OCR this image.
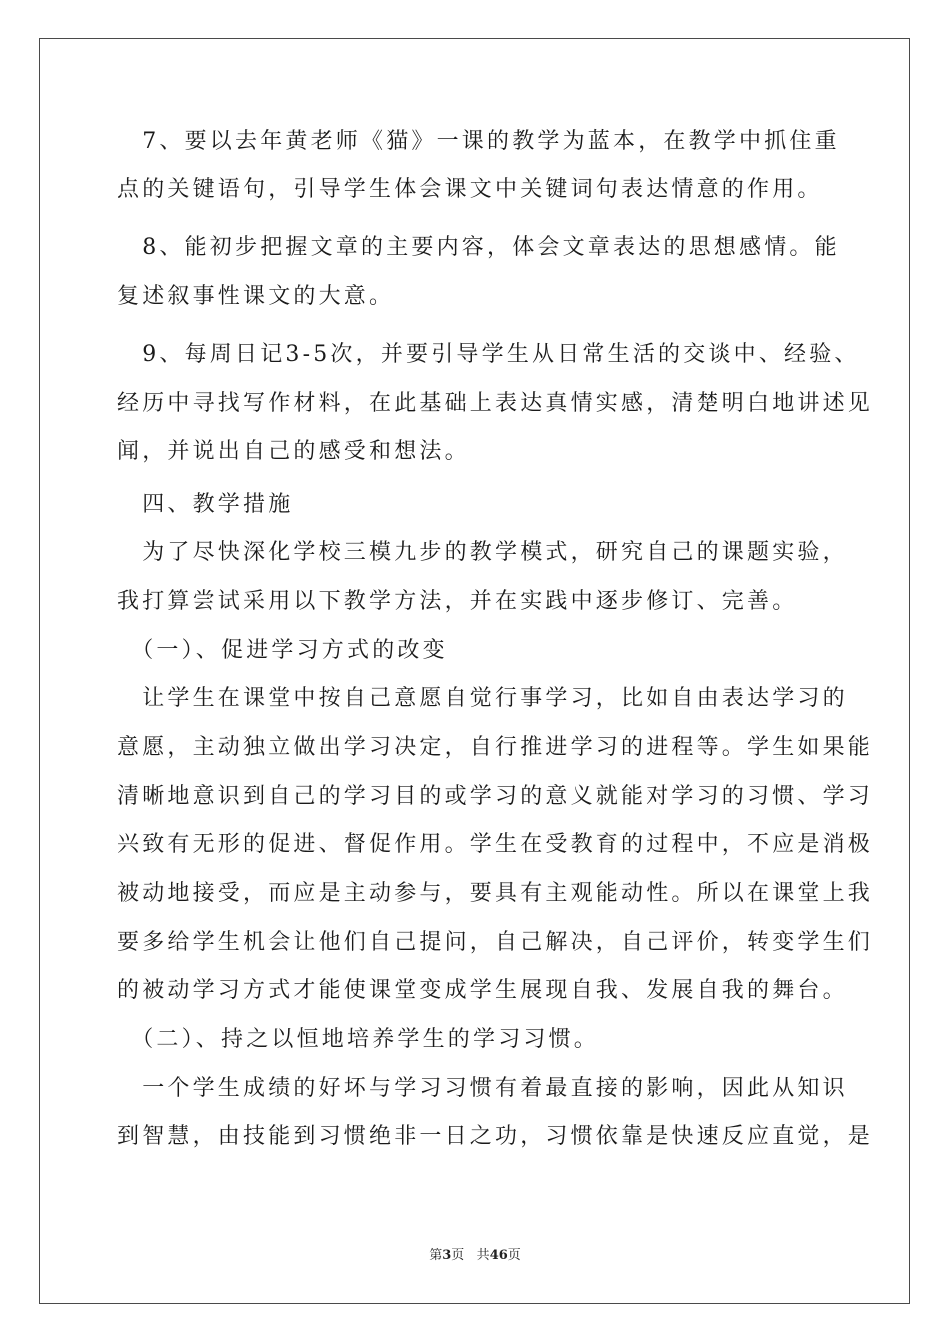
　7、要以去年黄老师《猫》一课的教学为蓝本，在教学中抓住重
点的关键语句，引导学生体会课文中关键词句表达情意的作用。
　8、能初步把握文章的主要内容，体会文章表达的思想感情。能
复述叙事性课文的大意。
　9、每周日记3-5次，并要引导学生从日常生活的交谈中、经验、
经历中寻找写作材料，在此基础上表达真情实感，清楚明白地讲述见
闻，并说出自己的感受和想法。
　四、教学措施
　为了尽快深化学校三模九步的教学模式，研究自己的课题实验，
我打算尝试采用以下教学方法，并在实践中逐步修订、完善。
　（一）、促进学习方式的改变
　让学生在课堂中按自己意愿自觉行事学习，比如自由表达学习的
意愿，主动独立做出学习决定，自行推进学习的进程等。学生如果能
清晰地意识到自己的学习目的或学习的意义就能对学习的习惯、学习
兴致有无形的促进、督促作用。学生在受教育的过程中，不应是消极
被动地接受，而应是主动参与，要具有主观能动性。所以在课堂上我
要多给学生机会让他们自己提问，自己解决，自己评价，转变学生们
的被动学习方式才能使课堂变成学生展现自我、发展自我的舞台。
　（二）、持之以恒地培养学生的学习习惯。
　一个学生成绩的好坏与学习习惯有着最直接的影响，因此从知识
到智慧，由技能到习惯绝非一日之功，习惯依靠是快速反应直觉，是
第3页 共46页
